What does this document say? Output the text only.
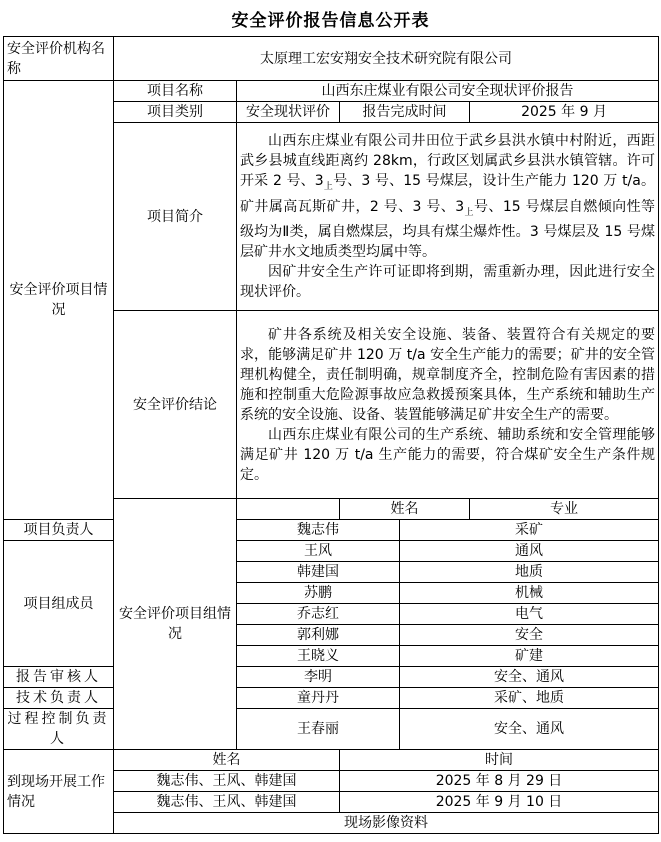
安全评价报告信息公开表
安全评价机构名称	太原理工宏安翔安全技术研究院有限公司				
安全评价项目情况	项目名称	山西东庄煤业有限公司安全现状评价报告			
	项目类别	安全现状评价	报告完成时间		2025 年 9 月
	项目简介	山西东庄煤业有限公司井田位于武乡县洪水镇中村附近，西距武乡县城直线距离约 28km，行政区划属武乡县洪水镇管辖。许可开采 2 号、$3_上$号、3 号、15 号煤层，设计生产能力 120 万 t/a。矿井属高瓦斯矿井，2 号、3 号、$3_上$号、15 号煤层自燃倾向性等级均为Ⅱ类，属自燃煤层，均具有煤尘爆炸性。3 号煤层及 15 号煤层矿井水文地质类型均属中等。

因矿井安全生产许可证即将到期，需重新办理，因此进行安全现状评价。			

	安全评价结论	矿井各系统及相关安全设施、装备、装置符合有关规定的要求，能够满足矿井 120 万 t/a 安全生产能力的需要；矿井的安全管理机构健全，责任制明确，规章制度齐全，控制危险有害因素的措施和控制重大危险源事故应急救援预案具体，生产系统和辅助生产系统的安全设施、设备、装置能够满足矿井安全生产的需要。

山西东庄煤业有限公司的生产系统、辅助系统和安全管理能够满足矿井 120 万 t/a 生产能力的需要，符合煤矿安全生产条件规定。			

	安全评价项目组情况		姓名		专业
项目负责人		魏志伟		采矿	
项目组成员		王风		通风	
		韩建国		地质	
		苏鹏		机械	
		乔志红		电气	
		郭利娜		安全	
		王晓义		矿建	
报告审核人		李明		安全、通风	
技术负责人		童丹丹		采矿、地质	
过程控制负责人		王春丽		安全、通风	
到现场开展工作情况	姓名		时间		
	魏志伟、王风、韩建国		2025 年 8 月 29 日		
	魏志伟、王风、韩建国		2025 年 9 月 10 日		
	现场影像资料				
